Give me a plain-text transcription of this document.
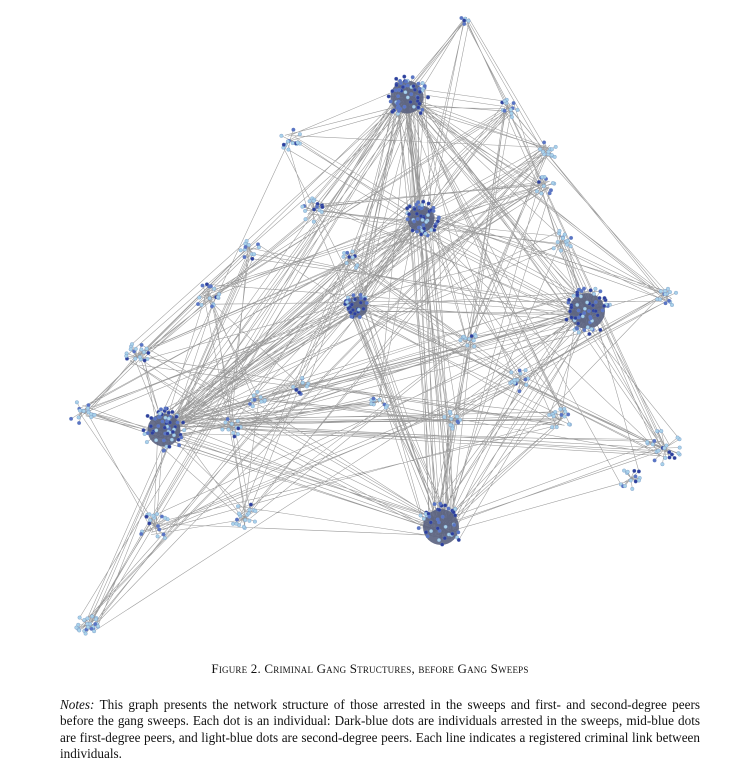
Figure 2. Criminal Gang Structures, before Gang Sweeps
Notes: This graph presents the network structure of those arrested in the sweeps and first- and second-degree peers before the gang sweeps. Each dot is an individual: Dark-blue dots are individuals arrested in the sweeps, mid-blue dots are first-degree peers, and light-blue dots are second-degree peers. Each line indicates a registered criminal link between individuals.
